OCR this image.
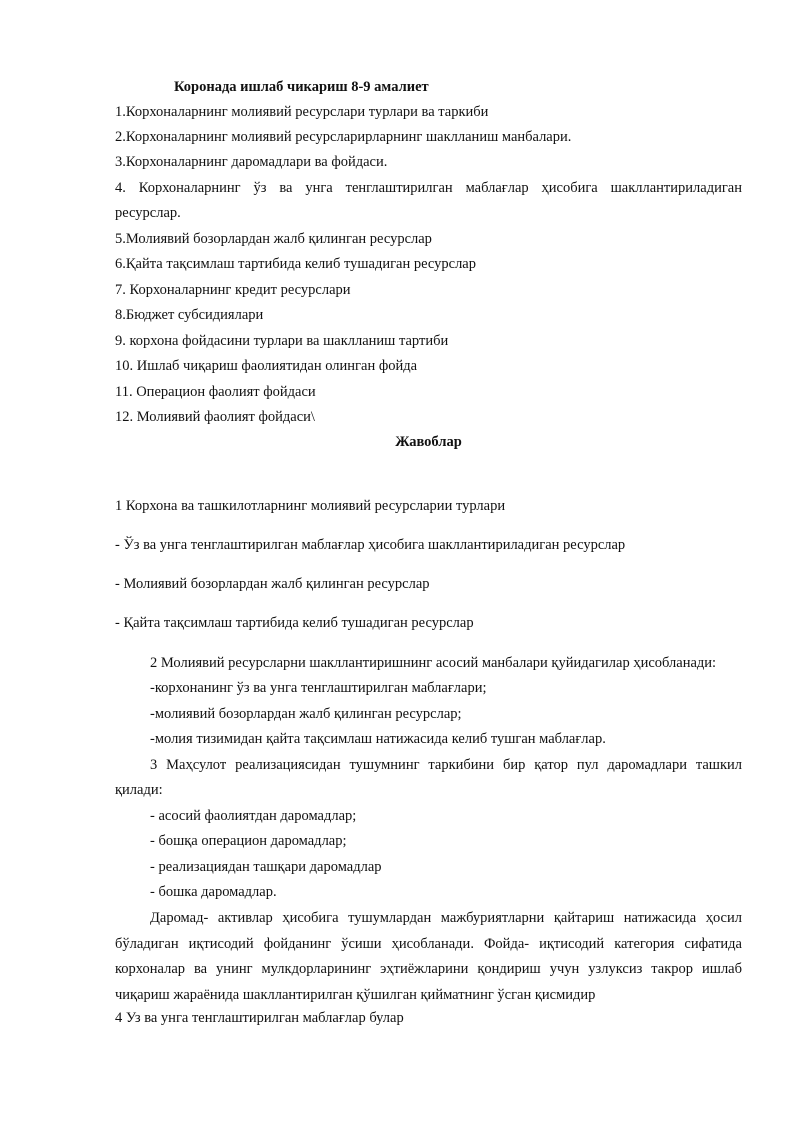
Коронада ишлаб чикариш 8-9 амалиет
1.Корхоналарнинг молиявий ресурслари турлари ва таркиби
2.Корхоналарнинг молиявий ресурсларирларнинг шаклланиш манбалари.
3.Корхоналарнинг даромадлари ва фойдаси.
4. Корхоналарнинг ўз ва унга тенглаштирилган маблағлар ҳисобига шакллантириладиган
ресурслар.
5.Молиявий бозорлардан жалб қилинган ресурслар
6.Қайта тақсимлаш тартибида келиб тушадиган ресурслар
7. Корхоналарнинг кредит ресурслари
8.Бюджет субсидиялари
9. корхона фойдасини турлари ва шакллaниш тартиби
10. Ишлаб чиқариш фаолиятидан олинган фойда
11. Операцион фаолият фойдаси
12. Молиявий фаолият фойдаси\
Жавоблар
1 Корхона ва ташкилотларнинг молиявий ресурсларии турлари
- Ўз ва унга тенглаштирилган маблағлар ҳисобига шакллантириладиган ресурслар
- Молиявий бозорлардан жалб қилинган ресурслар
- Қайта тақсимлаш тартибида келиб тушадиган ресурслар
2 Молиявий ресурсларни шакллантиришнинг асосий манбалари қуйидагилар ҳисобланади:
-корхонанинг ўз ва унга тенглаштирилган маблағлари;
-молиявий бозорлардан жалб қилинган ресурслар;
-молия тизимидан қайта тақсимлаш натижасида келиб тушган маблағлар.
3 Маҳсулот реализациясидан тушумнинг таркибини бир қатор пул даромадлари ташкил
қилади:
- асосий фаолиятдан даромадлар;
- бошқа операцион даромадлар;
- реализациядан ташқари даромадлар
- бошка даромадлар.
Даромад- активлар ҳисобига тушумлардан мажбуриятларни қайтариш натижасида ҳосил
бўладиган иқтисодий фойданинг ўсиши ҳисобланади. Фойда- иқтисодий категория сифатида
корхоналар ва унинг мулкдорларининг эҳтиёжларини қондириш учун узлуксиз такрор ишлаб
чиқариш жараёнида шакллантирилган қўшилган қийматнинг ўсган қисмидир
4 Уз ва унга тенглаштирилган маблағлар булар
